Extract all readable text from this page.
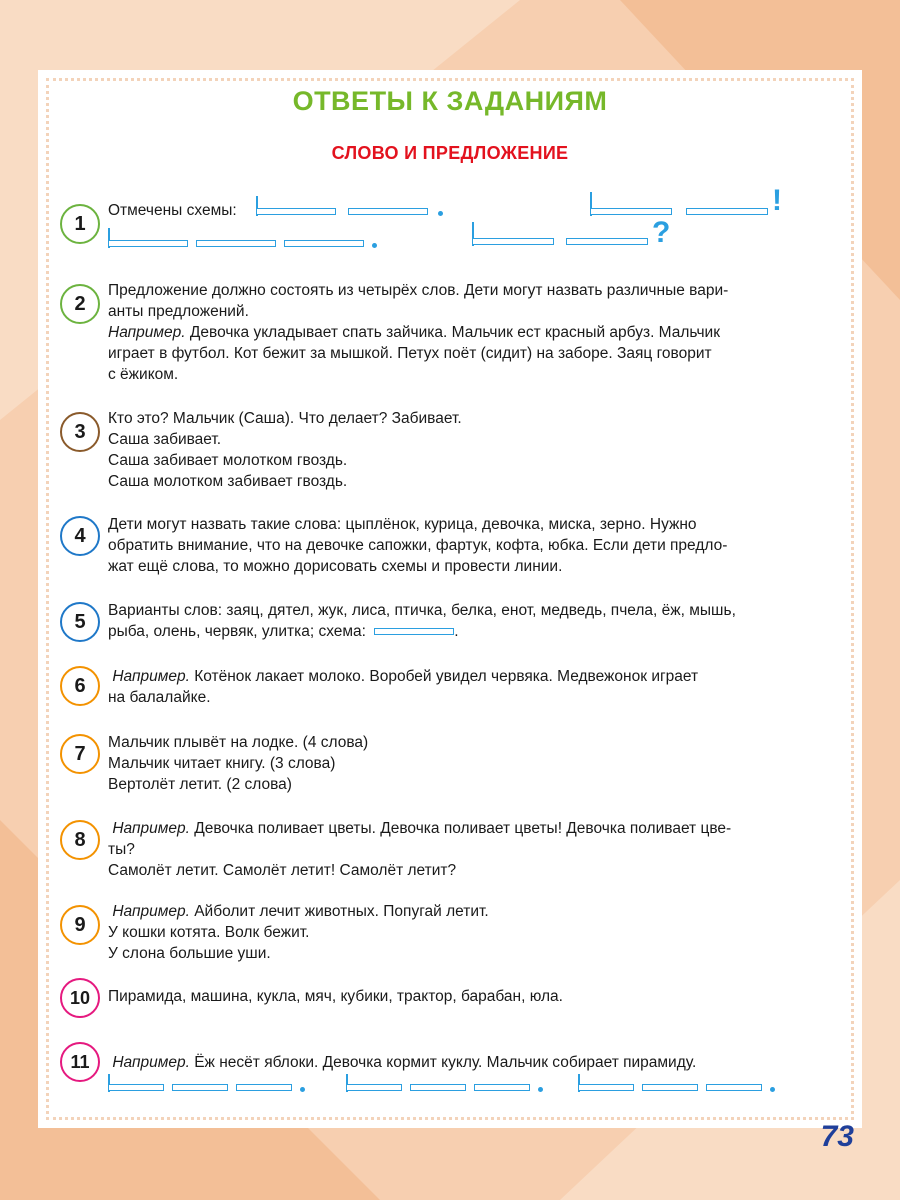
ОТВЕТЫ К ЗАДАНИЯМ
СЛОВО И ПРЕДЛОЖЕНИЕ
1

Отмечены схемы:	!
?
2

Предложение должно состоять из четырёх слов. Дети могут назвать различные вари-

анты предложений.

Например. Девочка укладывает спать зайчика. Мальчик ест красный арбуз. Мальчик

играет в футбол. Кот бежит за мышкой. Петух поёт (сидит) на заборе. Заяц говорит

с ёжиком.

3

Кто это? Мальчик (Саша). Что делает? Забивает.

Саша забивает.

Саша забивает молотком гвоздь.

Саша молотком забивает гвоздь.

4

Дети могут назвать такие слова: цыплёнок, курица, девочка, миска, зерно. Нужно

обратить внимание, что на девочке сапожки, фартук, кофта, юбка. Если дети предло-

жат ещё слова, то можно дорисовать схемы и провести линии.

5

Варианты слов: заяц, дятел, жук, лиса, птичка, белка, енот, медведь, пчела, ёж, мышь,

рыба, олень, червяк, улитка; схема:	.

6	Например. Котёнок лакает молоко. Воробей увидел червяка. Медвежонок играет

на балалайке.

7

Мальчик плывёт на лодке. (4 слова)

Мальчик читает книгу. (3 слова)

Вертолёт летит. (2 слова)

8

Например. Девочка поливает цветы. Девочка поливает цветы! Девочка поливает цве-

ты?

Самолёт летит. Самолёт летит! Самолёт летит?

9

Например. Айболит лечит животных. Попугай летит.

У кошки котята. Волк бежит.

У слона большие уши.

10	Пирамида, машина, кукла, мяч, кубики, трактор, барабан, юла.

11	Например. Ёж несёт яблоки. Девочка кормит куклу. Мальчик собирает пирамиду.

73
